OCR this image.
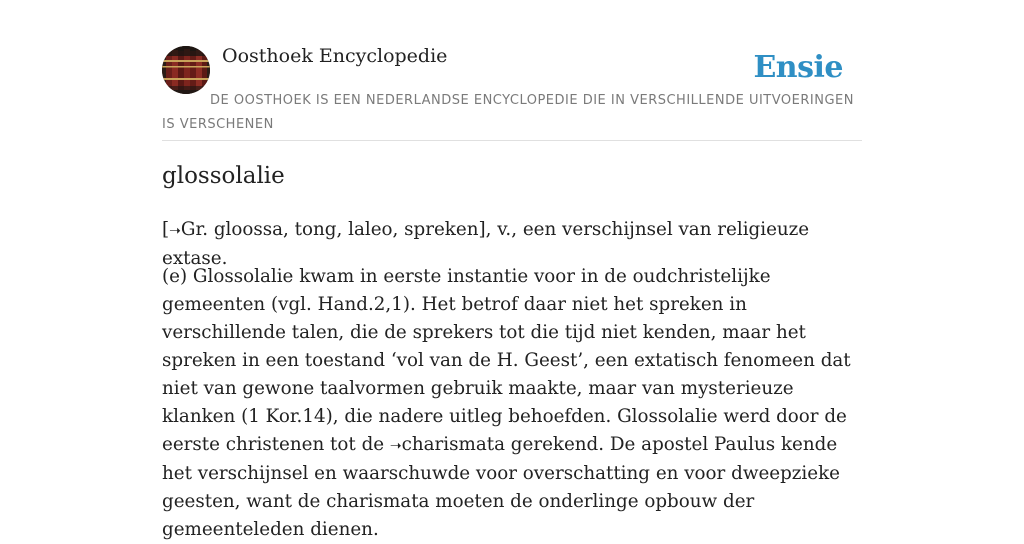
Oosthoek Encyclopedie	Ensie
DE OOSTHOEK IS EEN NEDERLANDSE ENCYCLOPEDIE DIE IN VERSCHILLENDE UITVOERINGEN IS VERSCHENEN
glossolalie

[➝Gr. gloossa, tong, laleo, spreken], v., een verschijnsel van religieuze extase.

(e) Glossolalie kwam in eerste instantie voor in de oudchristelijke gemeenten (vgl. Hand.2,1). Het betrof daar niet het spreken in verschillende talen, die de sprekers tot die tijd niet kenden, maar het spreken in een toestand ‘vol van de H. Geest’, een extatisch fenomeen dat niet van gewone taalvormen gebruik maakte, maar van mysterieuze klanken (1 Kor.14), die nadere uitleg behoefden. Glossolalie werd door de eerste christenen tot de ➝charismata gerekend. De apostel Paulus kende het verschijnsel en waarschuwde voor overschatting en voor dweepzieke geesten, want de charismata moeten de onderlinge opbouw der gemeenteleden dienen.
